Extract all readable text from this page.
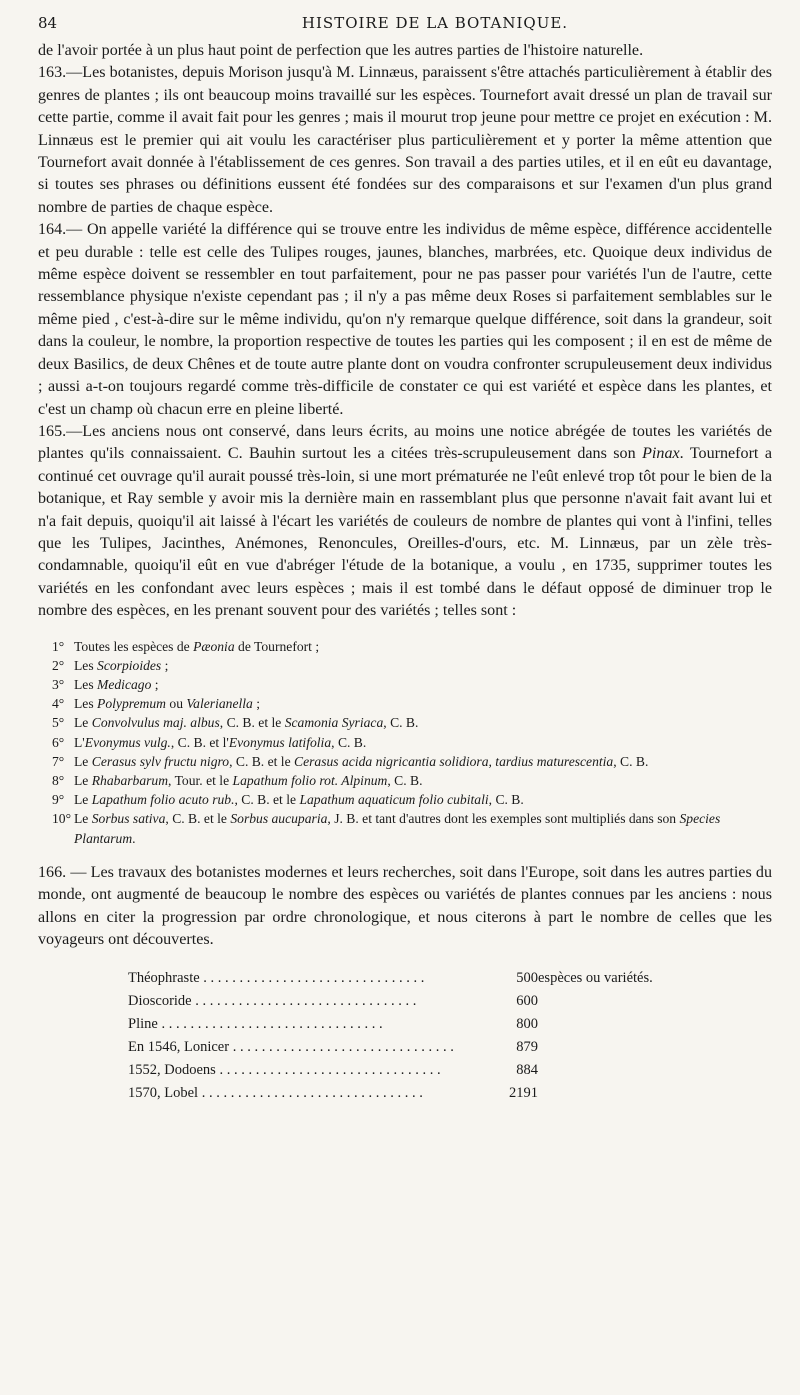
84	HISTOIRE DE LA BOTANIQUE.

de l'avoir portée à un plus haut point de perfection que les autres parties de l'histoire naturelle.

163.—Les botanistes, depuis Morison jusqu'à M. Linnæus, paraissent s'être attachés particulièrement à établir des genres de plantes ; ils ont beaucoup moins travaillé sur les espèces. Tournefort avait dressé un plan de travail sur cette partie, comme il avait fait pour les genres ; mais il mourut trop jeune pour mettre ce projet en exécution : M. Linnæus est le premier qui ait voulu les caractériser plus particulièrement et y porter la même attention que Tournefort avait donnée à l'établissement de ces genres. Son travail a des parties utiles, et il en eût eu davantage, si toutes ses phrases ou définitions eussent été fondées sur des comparaisons et sur l'examen d'un plus grand nombre de parties de chaque espèce.

164.— On appelle variété la différence qui se trouve entre les individus de même espèce, différence accidentelle et peu durable : telle est celle des Tulipes rouges, jaunes, blanches, marbrées, etc. Quoique deux individus de même espèce doivent se ressembler en tout parfaitement, pour ne pas passer pour variétés l'un de l'autre, cette ressemblance physique n'existe cependant pas ; il n'y a pas même deux Roses si parfaitement semblables sur le même pied , c'est-à-dire sur le même individu, qu'on n'y remarque quelque différence, soit dans la grandeur, soit dans la couleur, le nombre, la proportion respective de toutes les parties qui les composent ; il en est de même de deux Basilics, de deux Chênes et de toute autre plante dont on voudra confronter scrupuleusement deux individus ; aussi a-t-on toujours regardé comme très-difficile de constater ce qui est variété et espèce dans les plantes, et c'est un champ où chacun erre en pleine liberté.

165.—Les anciens nous ont conservé, dans leurs écrits, au moins une notice abrégée de toutes les variétés de plantes qu'ils connaissaient. C. Bauhin surtout les a citées très-scrupuleusement dans son Pinax. Tournefort a continué cet ouvrage qu'il aurait poussé très-loin, si une mort prématurée ne l'eût enlevé trop tôt pour le bien de la botanique, et Ray semble y avoir mis la dernière main en rassemblant plus que personne n'avait fait avant lui et n'a fait depuis, quoiqu'il ait laissé à l'écart les variétés de couleurs de nombre de plantes qui vont à l'infini, telles que les Tulipes, Jacinthes, Anémones, Renoncules, Oreilles-d'ours, etc. M. Linnæus, par un zèle très-condamnable, quoiqu'il eût en vue d'abréger l'étude de la botanique, a voulu , en 1735, supprimer toutes les variétés en les confondant avec leurs espèces ; mais il est tombé dans le défaut opposé de diminuer trop le nombre des espèces, en les prenant souvent pour des variétés ; telles sont :

1° Toutes les espèces de Pæonia de Tournefort ;
2° Les Scorpioides ;
3° Les Medicago ;
4° Les Polypremum ou Valerianella ;
5° Le Convolvulus maj. albus, C. B. et le Scamonia Syriaca, C. B.
6° L'Evonymus vulg., C. B. et l'Evonymus latifolia, C. B.
7° Le Cerasus sylv fructu nigro, C. B. et le Cerasus acida nigricantia solidiora, tardius maturescentia, C. B.
8° Le Rhabarbarum, Tour. et le Lapathum folio rot. Alpinum, C. B.
9° Le Lapathum folio acuto rub., C. B. et le Lapathum aquaticum folio cubitali, C. B.
10° Le Sorbus sativa, C. B. et le Sorbus aucuparia, J. B. et tant d'autres dont les exemples sont multipliés dans son Species Plantarum.

166. — Les travaux des botanistes modernes et leurs recherches, soit dans l'Europe, soit dans les autres parties du monde, ont augmenté de beaucoup le nombre des espèces ou variétés de plantes connues par les anciens : nous allons en citer la progression par ordre chronologique, et nous citerons à part le nombre de celles que les voyageurs ont découvertes.

Théophraste . . .	500	espèces ou variétés.
Dioscoride . . .	600	
Pline . . .	800	
En 1546, Lonicer . . .	879	
1552, Dodoens . . .	884	
1570, Lobel . . .	2191	
